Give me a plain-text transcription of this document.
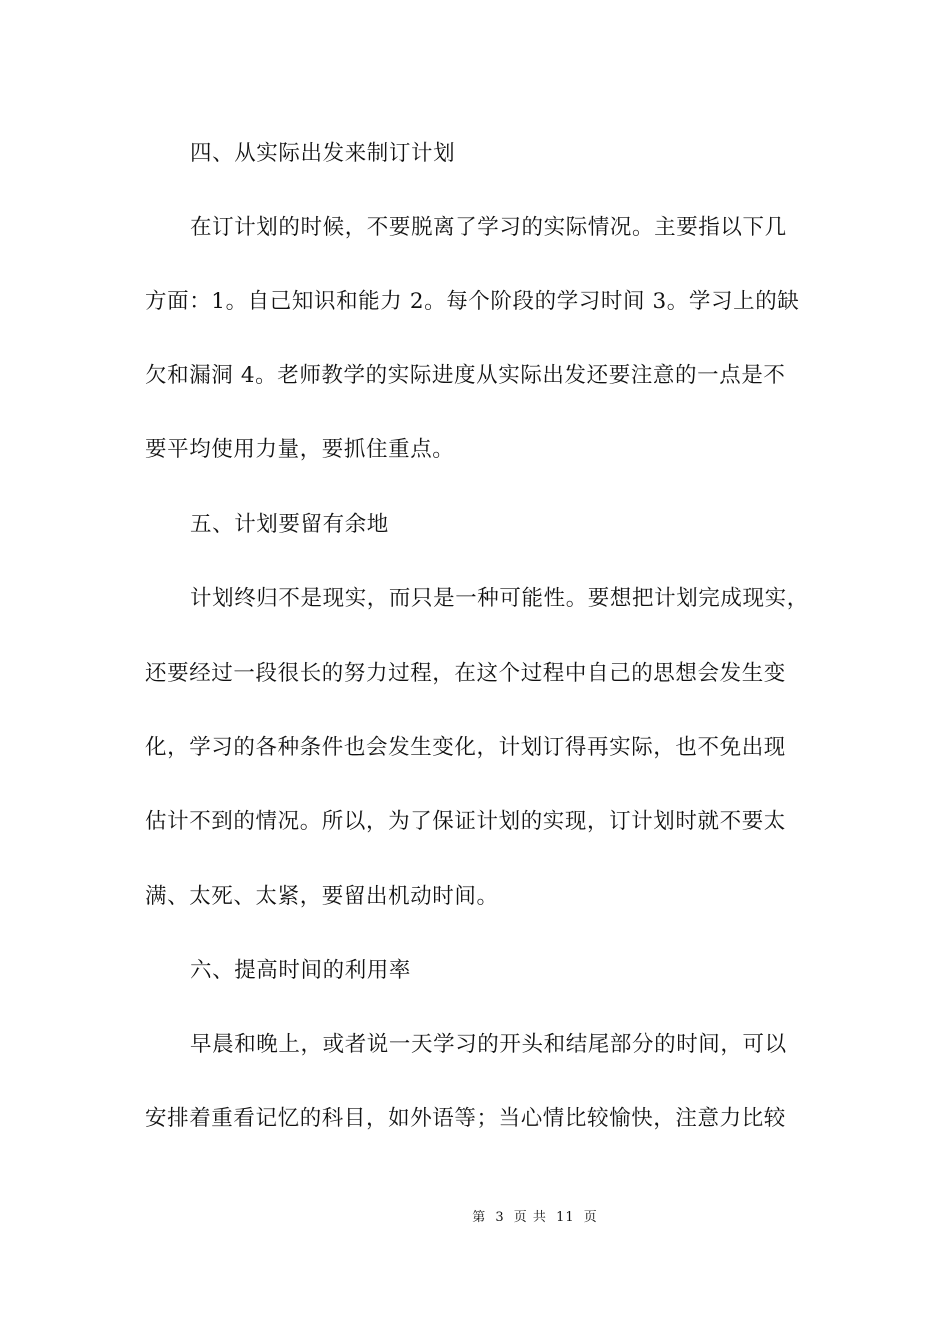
四、从实际出发来制订计划
在订计划的时候，不要脱离了学习的实际情况。主要指以下几
方面：1。自己知识和能力 2。每个阶段的学习时间 3。学习上的缺
欠和漏洞 4。老师教学的实际进度从实际出发还要注意的一点是不
要平均使用力量，要抓住重点。
五、计划要留有余地
计划终归不是现实，而只是一种可能性。要想把计划完成现实，
还要经过一段很长的努力过程，在这个过程中自己的思想会发生变
化，学习的各种条件也会发生变化，计划订得再实际，也不免出现
估计不到的情况。所以，为了保证计划的实现，订计划时就不要太
满、太死、太紧，要留出机动时间。
六、提高时间的利用率
早晨和晚上，或者说一天学习的开头和结尾部分的时间，可以
安排着重看记忆的科目，如外语等；当心情比较愉快，注意力比较
第 3 页 共 11 页
